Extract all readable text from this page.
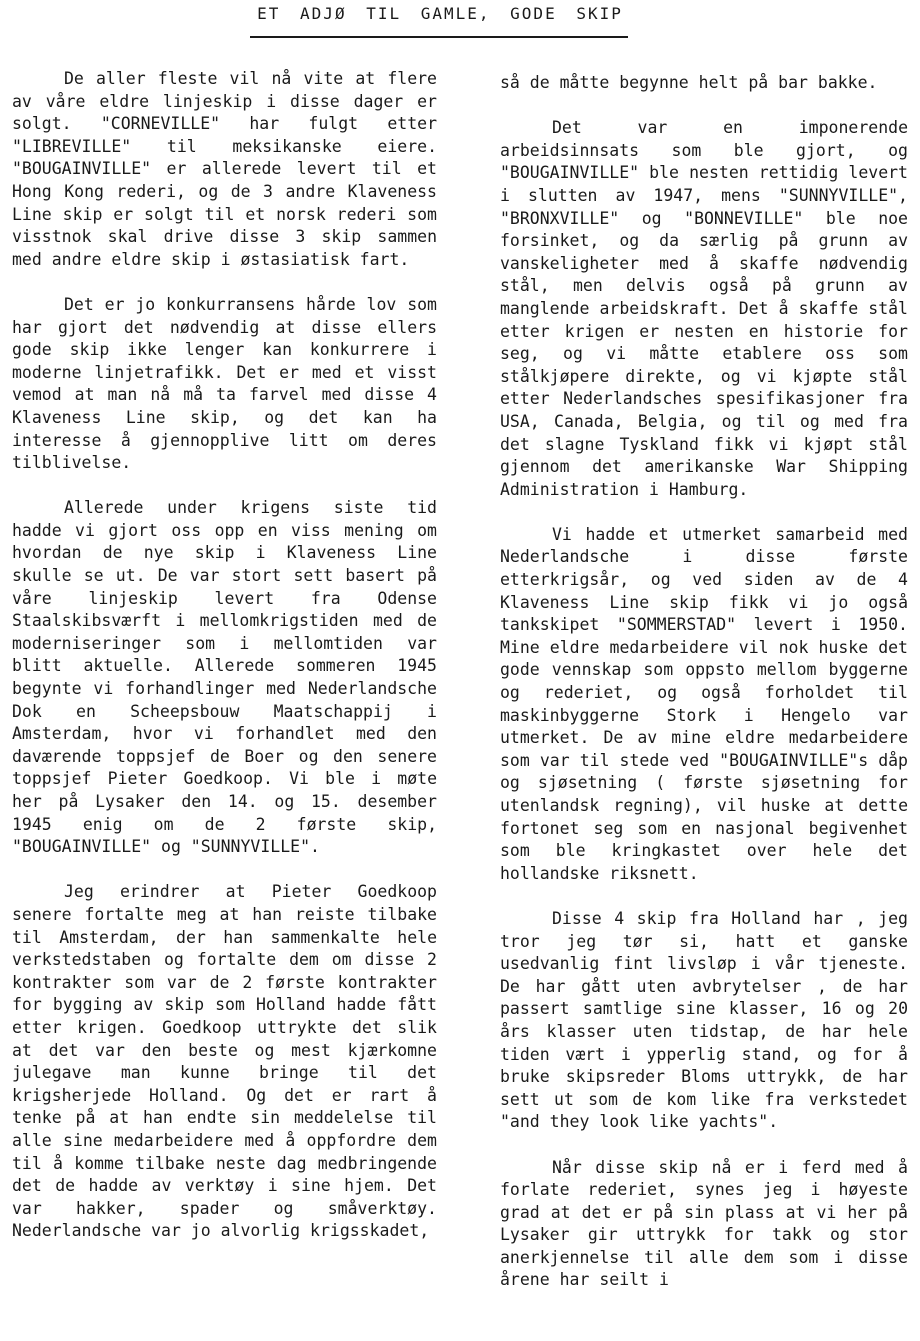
ET ADJØ TIL GAMLE, GODE SKIP

De aller fleste vil nå vite at flere av våre eldre linjeskip i disse dager er solgt. "CORNEVILLE" har fulgt etter "LIBREVILLE" til meksikanske eiere. "BOUGAINVILLE" er allerede levert til et Hong Kong rederi, og de 3 andre Klaveness Line skip er solgt til et norsk rederi som visstnok skal drive disse 3 skip sammen med andre eldre skip i østasiatisk fart.

Det er jo konkurransens hårde lov som har gjort det nødvendig at disse ellers gode skip ikke lenger kan konkurrere i moderne linjetrafikk. Det er med et visst vemod at man nå må ta farvel med disse 4 Klaveness Line skip, og det kan ha interesse å gjennopplive litt om deres tilblivelse.

Allerede under krigens siste tid hadde vi gjort oss opp en viss mening om hvordan de nye skip i Klaveness Line skulle se ut. De var stort sett basert på våre linjeskip levert fra Odense Staalskibsværft i mellomkrigstiden med de moderniseringer som i mellomtiden var blitt aktuelle. Allerede sommeren 1945 begynte vi forhandlinger med Nederlandsche Dok en Scheepsbouw Maatschappij i Amsterdam, hvor vi forhandlet med den daværende toppsjef de Boer og den senere toppsjef Pieter Goedkoop. Vi ble i møte her på Lysaker den 14. og 15. desember 1945 enig om de 2 første skip, "BOUGAINVILLE" og "SUNNYVILLE".

Jeg erindrer at Pieter Goedkoop senere fortalte meg at han reiste tilbake til Amsterdam, der han sammenkalte hele verkstedstaben og fortalte dem om disse 2 kontrakter som var de 2 første kontrakter for bygging av skip som Holland hadde fått etter krigen. Goedkoop uttrykte det slik at det var den beste og mest kjærkomne julegave man kunne bringe til det krigsherjede Holland. Og det er rart å tenke på at han endte sin meddelelse til alle sine medarbeidere med å oppfordre dem til å komme tilbake neste dag medbringende det de hadde av verktøy i sine hjem. Det var hakker, spader og småverktøy. Nederlandsche var jo alvorlig krigsskadet,

så de måtte begynne helt på bar bakke.

Det var en imponerende arbeidsinnsats som ble gjort, og "BOUGAINVILLE" ble nesten rettidig levert i slutten av 1947, mens "SUNNYVILLE", "BRONXVILLE" og "BONNEVILLE" ble noe forsinket, og da særlig på grunn av vanskeligheter med å skaffe nødvendig stål, men delvis også på grunn av manglende arbeidskraft. Det å skaffe stål etter krigen er nesten en historie for seg, og vi måtte etablere oss som stålkjøpere direkte, og vi kjøpte stål etter Nederlandsches spesifikasjoner fra USA, Canada, Belgia, og til og med fra det slagne Tyskland fikk vi kjøpt stål gjennom det amerikanske War Shipping Administration i Hamburg.

Vi hadde et utmerket samarbeid med Nederlandsche i disse første etterkrigsår, og ved siden av de 4 Klaveness Line skip fikk vi jo også tankskipet "SOMMERSTAD" levert i 1950. Mine eldre medarbeidere vil nok huske det gode vennskap som oppsto mellom byggerne og rederiet, og også forholdet til maskinbyggerne Stork i Hengelo var utmerket. De av mine eldre medarbeidere som var til stede ved "BOUGAINVILLE"s dåp og sjøsetning ( første sjøsetning for utenlandsk regning), vil huske at dette fortonet seg som en nasjonal begivenhet som ble kringkastet over hele det hollandske riksnett.

Disse 4 skip fra Holland har , jeg tror jeg tør si, hatt et ganske usedvanlig fint livsløp i vår tjeneste. De har gått uten avbrytelser , de har passert samtlige sine klasser, 16 og 20 års klasser uten tidstap, de har hele tiden vært i ypperlig stand, og for å bruke skipsreder Bloms uttrykk, de har sett ut som de kom like fra verkstedet "and they look like yachts".

Når disse skip nå er i ferd med å forlate rederiet, synes jeg i høyeste grad at det er på sin plass at vi her på Lysaker gir uttrykk for takk og stor anerkjennelse til alle dem som i disse årene har seilt i
